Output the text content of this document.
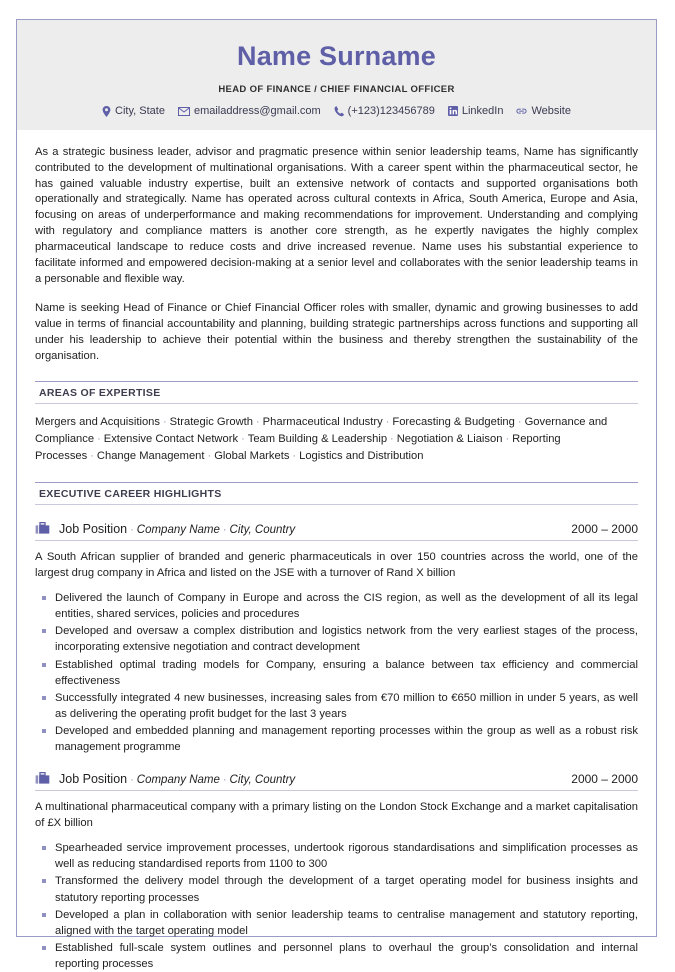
Name Surname
HEAD OF FINANCE / CHIEF FINANCIAL OFFICER
City, State	emailaddress@gmail.com (+123)123456789 LinkedIn	Website

As a strategic business leader, advisor and pragmatic presence within senior leadership teams, Name has significantly contributed to the development of multinational organisations. With a career spent within the pharmaceutical sector, he has gained valuable industry expertise, built an extensive network of contacts and supported organisations both operationally and strategically. Name has operated across cultural contexts in Africa, South America, Europe and Asia, focusing on areas of underperformance and making recommendations for improvement. Understanding and complying with regulatory and compliance matters is another core strength, as he expertly navigates the highly complex pharmaceutical landscape to reduce costs and drive increased revenue. Name uses his substantial experience to facilitate informed and empowered decision-making at a senior level and collaborates with the senior leadership teams in a personable and flexible way.

Name is seeking Head of Finance or Chief Financial Officer roles with smaller, dynamic and growing businesses to add value in terms of financial accountability and planning, building strategic partnerships across functions and supporting all under his leadership to achieve their potential within the business and thereby strengthen the sustainability of the organisation.

AREAS OF EXPERTISE
Mergers and Acquisitions · Strategic Growth · Pharmaceutical Industry · Forecasting & Budgeting · Governance and Compliance · Extensive Contact Network · Team Building & Leadership · Negotiation & Liaison · Reporting Processes · Change Management · Global Markets · Logistics and Distribution
EXECUTIVE CAREER HIGHLIGHTS
Job Position · Company Name · City, Country	2000 – 2000
A South African supplier of branded and generic pharmaceuticals in over 150 countries across the world, one of the largest drug company in Africa and listed on the JSE with a turnover of Rand X billion
Delivered the launch of Company in Europe and across the CIS region, as well as the development of all its legal entities, shared services, policies and procedures
Developed and oversaw a complex distribution and logistics network from the very earliest stages of the process, incorporating extensive negotiation and contract development
Established optimal trading models for Company, ensuring a balance between tax efficiency and commercial effectiveness
Successfully integrated 4 new businesses, increasing sales from €70 million to €650 million in under 5 years, as well as delivering the operating profit budget for the last 3 years
Developed and embedded planning and management reporting processes within the group as well as a robust risk management programme
Job Position · Company Name · City, Country	2000 – 2000
A multinational pharmaceutical company with a primary listing on the London Stock Exchange and a market capitalisation of £X billion
Spearheaded service improvement processes, undertook rigorous standardisations and simplification processes as well as reducing standardised reports from 1100 to 300
Transformed the delivery model through the development of a target operating model for business insights and statutory reporting processes
Developed a plan in collaboration with senior leadership teams to centralise management and statutory reporting, aligned with the target operating model
Established full-scale system outlines and personnel plans to overhaul the group’s consolidation and internal reporting processes
